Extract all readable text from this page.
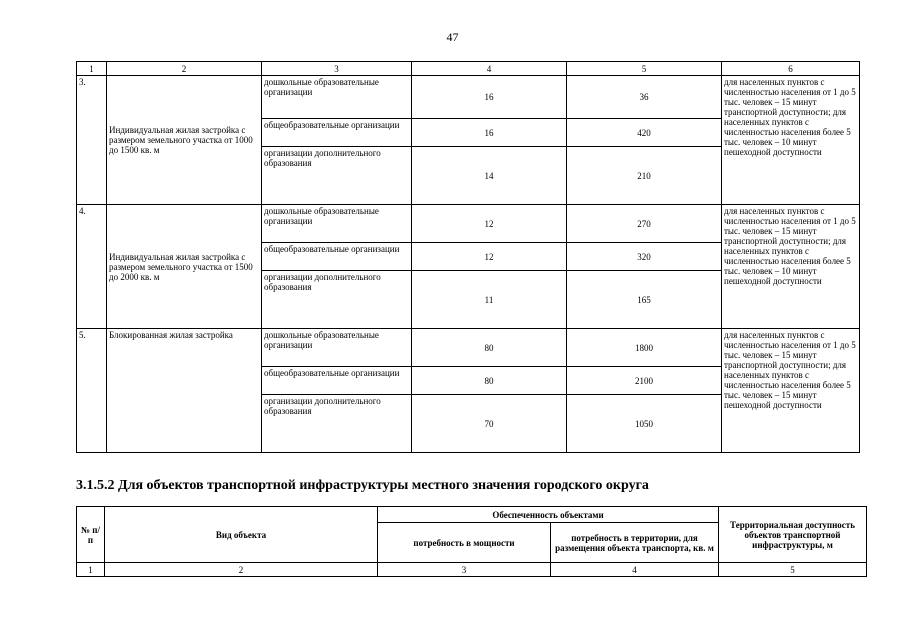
47
1	2	3	4	5	6
3.	Индивидуальная жилая застройка с размером земельного участка от 1000 до 1500 кв. м	дошкольные образовательные организации	16	36	для населенных пунктов с численностью населения от 1 до 5 тыс. человек – 15 минут транспортной доступности; для населенных пунктов с численностью населения более 5 тыс. человек – 10 минут пешеходной доступности
		общеобразовательные организации	16	420	
		организации дополнительного образования	14	210	
4.	Индивидуальная жилая застройка с размером земельного участка от 1500 до 2000 кв. м	дошкольные образовательные организации	12	270	для населенных пунктов с численностью населения от 1 до 5 тыс. человек – 15 минут транспортной доступности; для населенных пунктов с численностью населения более 5 тыс. человек – 10 минут пешеходной доступности
		общеобразовательные организации	12	320	
		организации дополнительного образования	11	165	
5.	Блокированная жилая застройка	дошкольные образовательные организации	80	1800	для населенных пунктов с численностью населения от 1 до 5 тыс. человек – 15 минут транспортной доступности; для населенных пунктов с численностью населения более 5 тыс. человек – 15 минут пешеходной доступности
		общеобразовательные организации	80	2100	
		организации дополнительного образования	70	1050	
3.1.5.2 Для объектов транспортной инфраструктуры местного значения городского округа
№ п/п	Вид объекта	Обеспеченность объектами		Территориальная доступность объектов транспортной инфраструктуры, м
		потребность в мощности	потребность в территории, для размещения объекта транспорта, кв. м	
1	2	3	4	5
